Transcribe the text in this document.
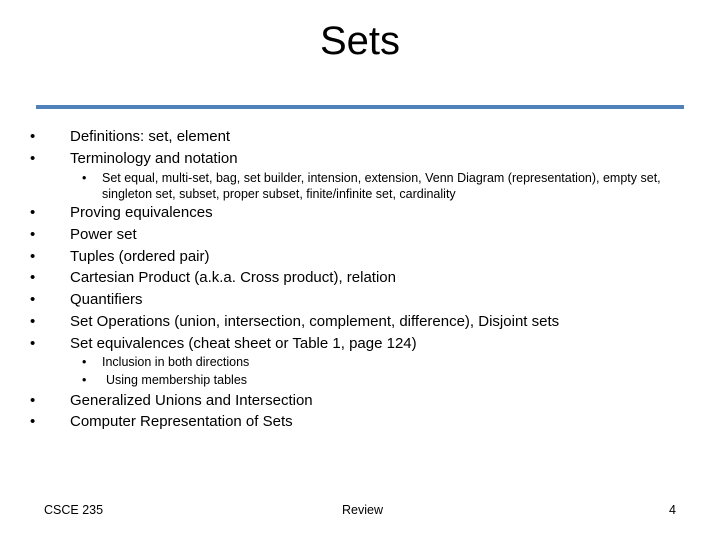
Sets
•	Definitions: set, element
•	Terminology and notation
• Set equal, multi-set, bag, set builder, intension, extension, Venn Diagram (representation), empty set, singleton set, subset, proper subset, finite/infinite set, cardinality
•	Proving equivalences
•	Power set
•	Tuples (ordered pair)
•	Cartesian Product (a.k.a. Cross product), relation
•	Quantifiers
•	Set Operations (union, intersection, complement, difference), Disjoint sets
•	Set equivalences (cheat sheet or Table 1, page 124)
• Inclusion in both directions
• Using membership tables
•	Generalized Unions and Intersection
•	Computer Representation of Sets
CSCE 235	Review	4
